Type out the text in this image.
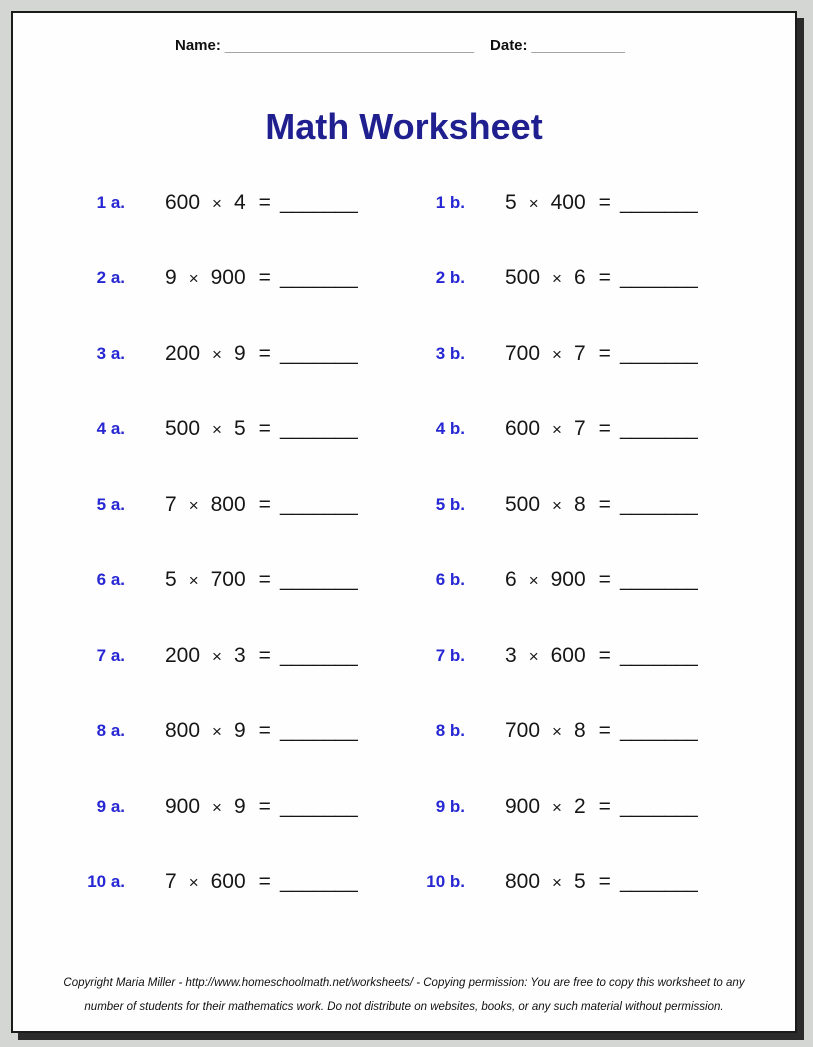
Name: ________________________________ Date: ____________
Math Worksheet
1 a. 600 × 4 = _______	1 b. 5 × 400 = _______
2 a. 9 × 900 = _______	2 b. 500 × 6 = _______
3 a. 200 × 9 = _______	3 b. 700 × 7 = _______
4 a. 500 × 5 = _______	4 b. 600 × 7 = _______
5 a. 7 × 800 = _______	5 b. 500 × 8 = _______
6 a. 5 × 700 = _______	6 b. 6 × 900 = _______
7 a. 200 × 3 = _______	7 b. 3 × 600 = _______
8 a. 800 × 9 = _______	8 b. 700 × 8 = _______
9 a. 900 × 9 = _______	9 b. 900 × 2 = _______
10 a. 7 × 600 = _______	10 b. 800 × 5 = _______
Copyright Maria Miller - http://www.homeschoolmath.net/worksheets/ - Copying permission: You are free to copy this worksheet to any
number of students for their mathematics work. Do not distribute on websites, books, or any such material without permission.
